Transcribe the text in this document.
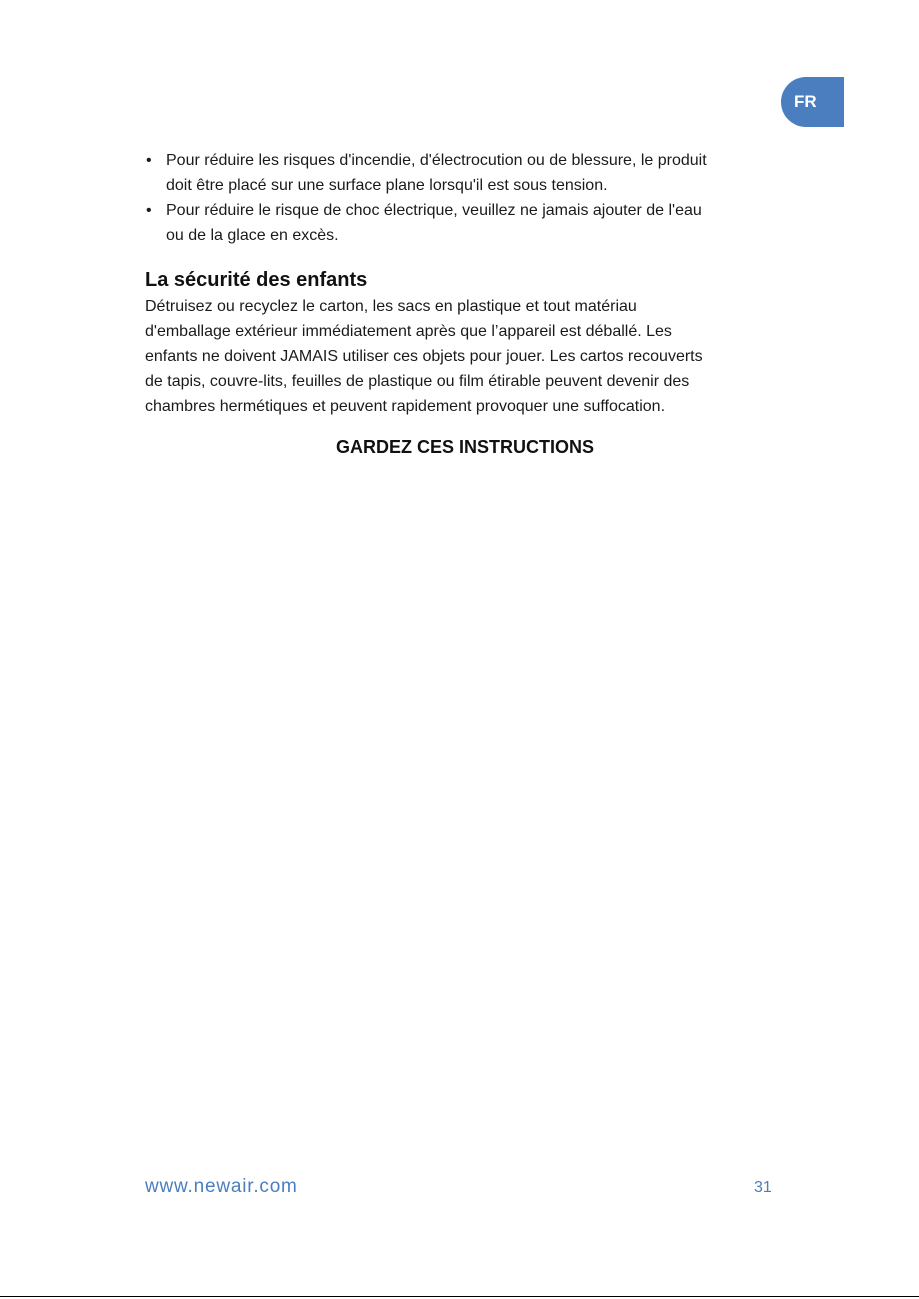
FR
• Pour réduire les risques d'incendie, d'électrocution ou de blessure, le produit
doit être placé sur une surface plane lorsqu'il est sous tension.
• Pour réduire le risque de choc électrique, veuillez ne jamais ajouter de l'eau
ou de la glace en excès.
La sécurité des enfants

Détruisez ou recyclez le carton, les sacs en plastique et tout matériau
d'emballage extérieur immédiatement après que l’appareil est déballé. Les
enfants ne doivent JAMAIS utiliser ces objets pour jouer. Les cartos recouverts
de tapis, couvre-lits, feuilles de plastique ou film étirable peuvent devenir des
chambres hermétiques et peuvent rapidement provoquer une suffocation.

GARDEZ CES INSTRUCTIONS
www.newair.com	31
